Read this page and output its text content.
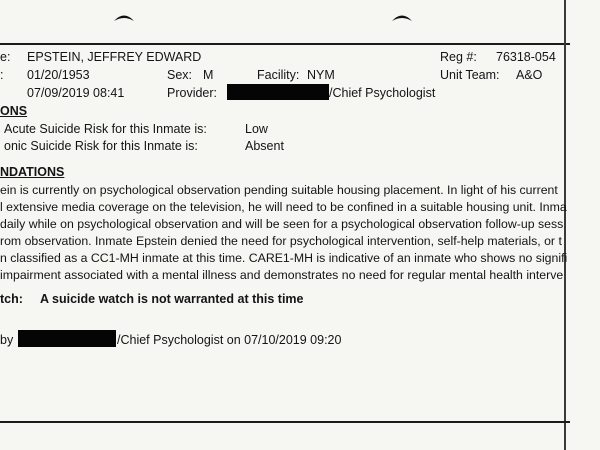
e: EPSTEIN, JEFFREY EDWARD	Reg #: 76318-054
: 01/20/1953	Sex: M	Facility: NYM	Unit Team: A&O
07/09/2019 08:41	Provider:	/Chief Psychologist
ONS
Acute Suicide Risk for this Inmate is:	Low
onic Suicide Risk for this Inmate is:	Absent
NDATIONS
ein is currently on psychological observation pending suitable housing placement. In light of his current
l extensive media coverage on the television, he will need to be confined in a suitable housing unit. Inma
daily while on psychological observation and will be seen for a psychological observation follow-up sess
rom observation. Inmate Epstein denied the need for psychological intervention, self-help materials, or t
n classified as a CC1-MH inmate at this time. CARE1-MH is indicative of an inmate who shows no signifi
impairment associated with a mental illness and demonstrates no need for regular mental health interve
tch: A suicide watch is not warranted at this time
by	/Chief Psychologist on 07/10/2019 09:20
